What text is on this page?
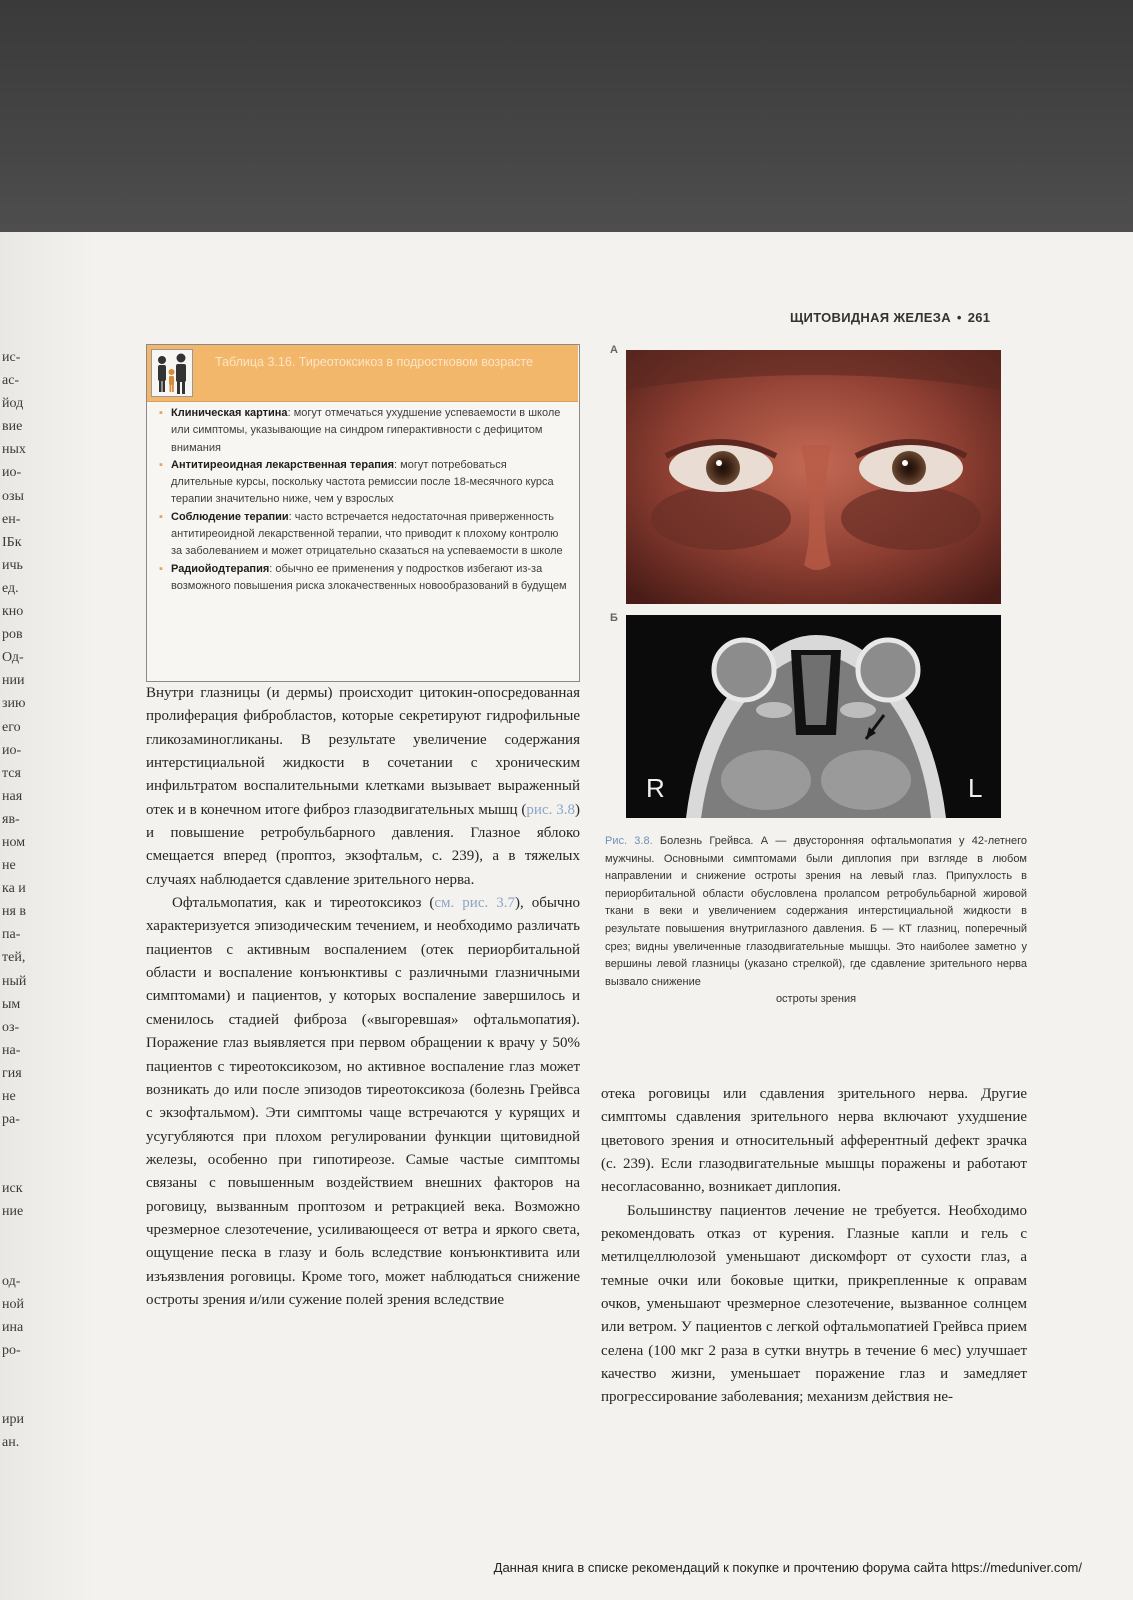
ис-
ас-
йод
вие
ных
ио-
озы
ен-
IБк
ичь
ед.
кно
ров
Од-
нии
зию
его
ио-
тся
ная
яв-
ном
не
ка и
ня в
па-
тей,
ный
ым
оз-
на-
гия
не
ра-
иск
ние
од-
ной
ина
ро-
ири
ан.
ЩИТОВИДНАЯ ЖЕЛЕЗА • 261
Таблица 3.16. Тиреотоксикоз в подростковом возрасте
▪ Клиническая картина: могут отмечаться ухудшение успеваемости в школе или симптомы, указывающие на синдром гиперактивности с дефицитом внимания
▪ Антитиреоидная лекарственная терапия: могут потребоваться длительные курсы, поскольку частота ремиссии после 18-месячного курса терапии значительно ниже, чем у взрослых
▪ Соблюдение терапии: часто встречается недостаточная приверженность антитиреоидной лекарственной терапии, что приводит к плохому контролю за заболеванием и может отрицательно сказаться на успеваемости в школе
▪ Радиойодтерапия: обычно ее применения у подростков избегают из-за возможного повышения риска злокачественных новообразований в будущем

Внутри глазницы (и дермы) происходит цитокин-опосредованная пролиферация фибробластов, которые секретируют гидрофильные гликозаминогликаны. В результате увеличение содержания интерстициальной жидкости в сочетании с хроническим инфильтратом воспалительными клетками вызывает выраженный отек и в конечном итоге фиброз глазодвигательных мышц (рис. 3.8) и повышение ретробульбарного давления. Глазное яблоко смещается вперед (проптоз, экзофтальм, с. 239), а в тяжелых случаях наблюдается сдавление зрительного нерва.

Офтальмопатия, как и тиреотоксикоз (см. рис. 3.7), обычно характеризуется эпизодическим течением, и необходимо различать пациентов с активным воспалением (отек периорбитальной области и воспаление конъюнктивы с различными глазничными симптомами) и пациентов, у которых воспаление завершилось и сменилось стадией фиброза («выгоревшая» офтальмопатия). Поражение глаз выявляется при первом обращении к врачу у 50% пациентов с тиреотоксикозом, но активное воспаление глаз может возникать до или после эпизодов тиреотоксикоза (болезнь Грейвса с экзофтальмом). Эти симптомы чаще встречаются у курящих и усугубляются при плохом регулировании функции щитовидной железы, особенно при гипотиреозе. Самые частые симптомы связаны с повышенным воздействием внешних факторов на роговицу, вызванным проптозом и ретракцией века. Возможно чрезмерное слезотечение, усиливающееся от ветра и яркого света, ощущение песка в глазу и боль вследствие конъюнктивита или изъязвления роговицы. Кроме того, может наблюдаться снижение остроты зрения и/или сужение полей зрения вследствие

А
Б
R	L
Рис. 3.8. Болезнь Грейвса. А — двусторонняя офтальмопатия у 42-летнего мужчины. Основными симптомами были диплопия при взгляде в любом направлении и снижение остроты зрения на левый глаз. Припухлость в периорбитальной области обусловлена пролапсом ретробульбарной жировой ткани в веки и увеличением содержания интерстициальной жидкости в результате повышения внутриглазного давления. Б — КТ глазниц, поперечный срез; видны увеличенные глазодвигательные мышцы. Это наиболее заметно у вершины левой глазницы (указано стрелкой), где сдавление зрительного нерва вызвало снижение
остроты зрения

отека роговицы или сдавления зрительного нерва. Другие симптомы сдавления зрительного нерва включают ухудшение цветового зрения и относительный афферентный дефект зрачка (с. 239). Если глазодвигательные мышцы поражены и работают несогласованно, возникает диплопия.

Большинству пациентов лечение не требуется. Необходимо рекомендовать отказ от курения. Глазные капли и гель с метилцеллюлозой уменьшают дискомфорт от сухости глаз, а темные очки или боковые щитки, прикрепленные к оправам очков, уменьшают чрезмерное слезотечение, вызванное солнцем или ветром. У пациентов с легкой офтальмопатией Грейвса прием селена (100 мкг 2 раза в сутки внутрь в течение 6 мес) улучшает качество жизни, уменьшает поражение глаз и замедляет прогрессирование заболевания; механизм действия не-

Данная книга в списке рекомендаций к покупке и прочтению форума сайта https://meduniver.com/
